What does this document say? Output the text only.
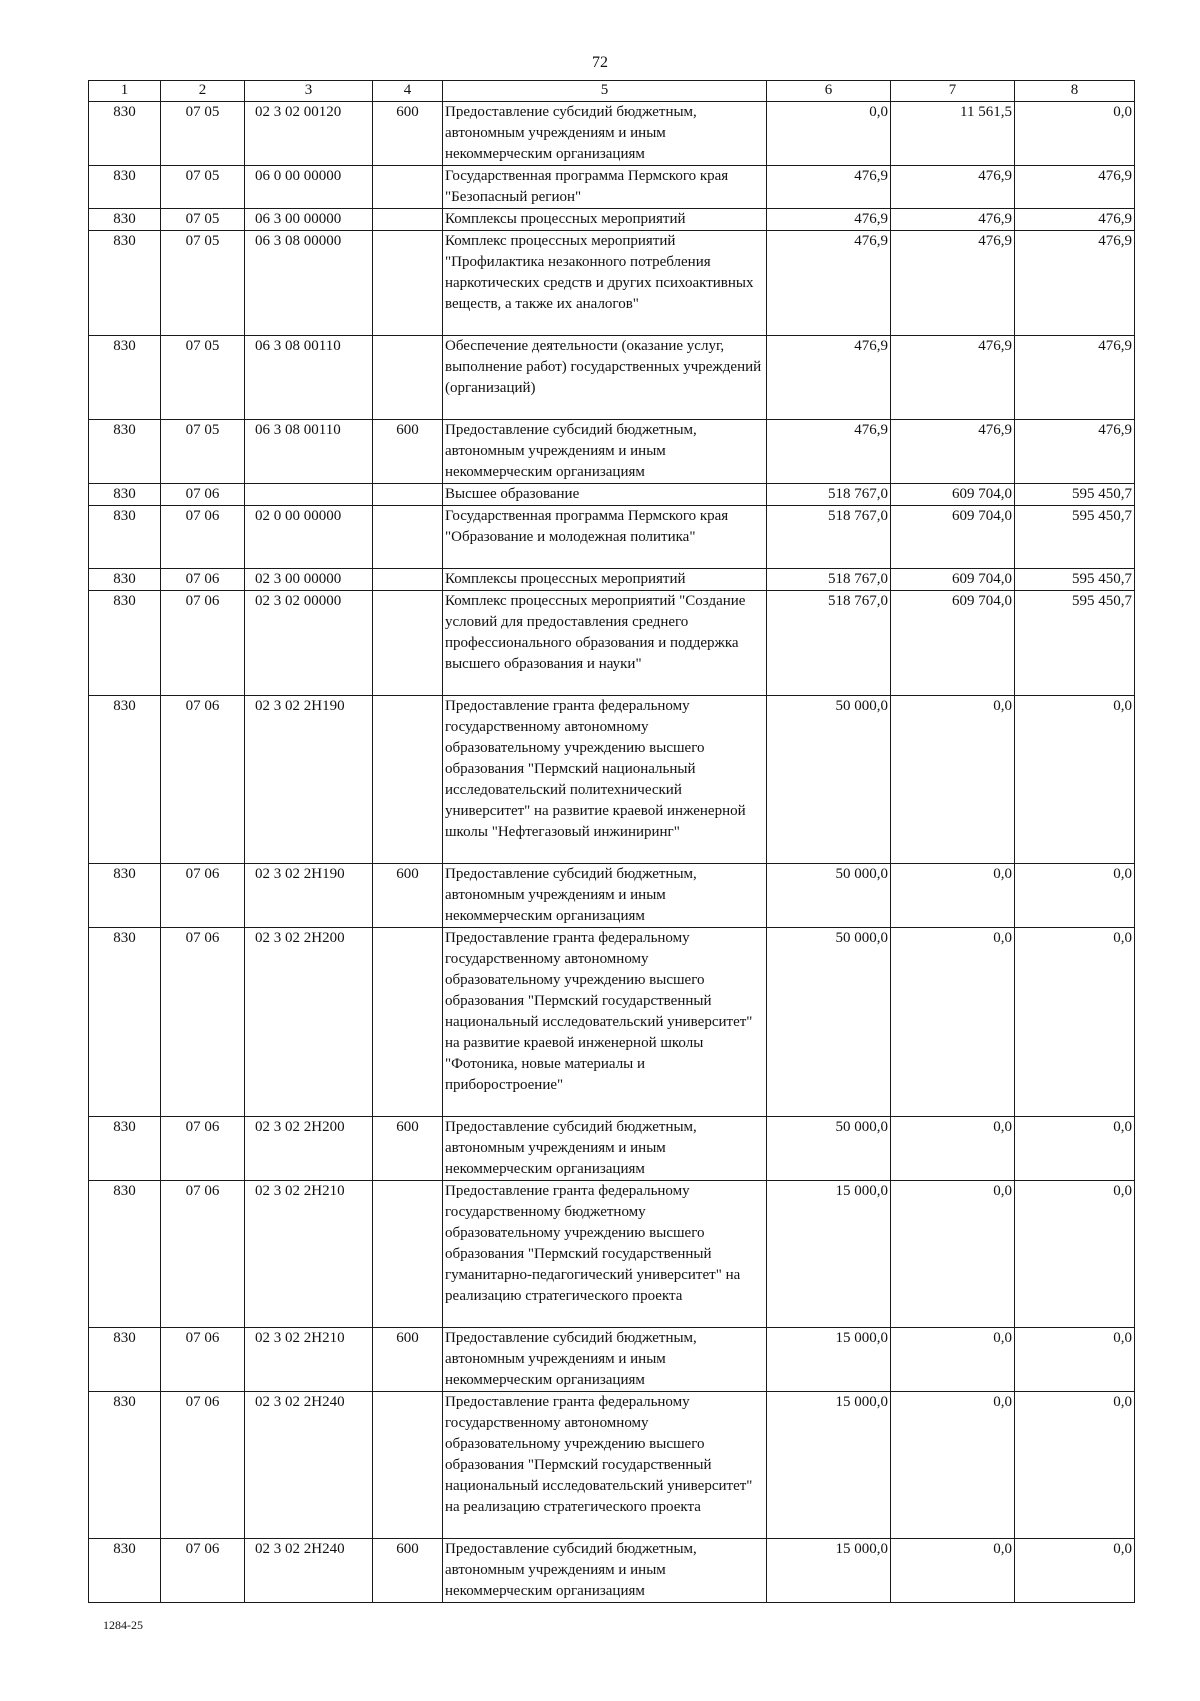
72
1	2	3	4	5	6	7	8
830	07 05	02 3 02 00120	600	Предоставление субсидий бюджетным, автономным учреждениям и иным некоммерческим организациям	0,0	11 561,5	0,0
830	07 05	06 0 00 00000		Государственная программа Пермского края "Безопасный регион"	476,9	476,9	476,9
830	07 05	06 3 00 00000		Комплексы процессных мероприятий	476,9	476,9	476,9
830	07 05	06 3 08 00000		Комплекс процессных мероприятий "Профилактика незаконного потребления наркотических средств и других психоактивных веществ, а также их аналогов"	476,9	476,9	476,9
830	07 05	06 3 08 00110		Обеспечение деятельности (оказание услуг, выполнение работ) государственных учреждений (организаций)	476,9	476,9	476,9
830	07 05	06 3 08 00110	600	Предоставление субсидий бюджетным, автономным учреждениям и иным некоммерческим организациям	476,9	476,9	476,9
830	07 06			Высшее образование	518 767,0	609 704,0	595 450,7
830	07 06	02 0 00 00000		Государственная программа Пермского края "Образование и молодежная политика"	518 767,0	609 704,0	595 450,7
830	07 06	02 3 00 00000		Комплексы процессных мероприятий	518 767,0	609 704,0	595 450,7
830	07 06	02 3 02 00000		Комплекс процессных мероприятий "Создание условий для предоставления среднего профессионального образования и поддержка высшего образования и науки"	518 767,0	609 704,0	595 450,7
830	07 06	02 3 02 2Н190		Предоставление гранта федеральному государственному автономному образовательному учреждению высшего образования "Пермский национальный исследовательский политехнический университет" на развитие краевой инженерной школы "Нефтегазовый инжиниринг"	50 000,0	0,0	0,0
830	07 06	02 3 02 2Н190	600	Предоставление субсидий бюджетным, автономным учреждениям и иным некоммерческим организациям	50 000,0	0,0	0,0
830	07 06	02 3 02 2Н200		Предоставление гранта федеральному государственному автономному образовательному учреждению высшего образования "Пермский государственный национальный исследовательский университет" на развитие краевой инженерной школы "Фотоника, новые материалы и приборостроение"	50 000,0	0,0	0,0
830	07 06	02 3 02 2Н200	600	Предоставление субсидий бюджетным, автономным учреждениям и иным некоммерческим организациям	50 000,0	0,0	0,0
830	07 06	02 3 02 2Н210		Предоставление гранта федеральному государственному бюджетному образовательному учреждению высшего образования "Пермский государственный гуманитарно-педагогический университет" на реализацию стратегического проекта	15 000,0	0,0	0,0
830	07 06	02 3 02 2Н210	600	Предоставление субсидий бюджетным, автономным учреждениям и иным некоммерческим организациям	15 000,0	0,0	0,0
830	07 06	02 3 02 2Н240		Предоставление гранта федеральному государственному автономному образовательному учреждению высшего образования "Пермский государственный национальный исследовательский университет" на реализацию стратегического проекта	15 000,0	0,0	0,0
830	07 06	02 3 02 2Н240	600	Предоставление субсидий бюджетным, автономным учреждениям и иным некоммерческим организациям	15 000,0	0,0	0,0
1284-25
